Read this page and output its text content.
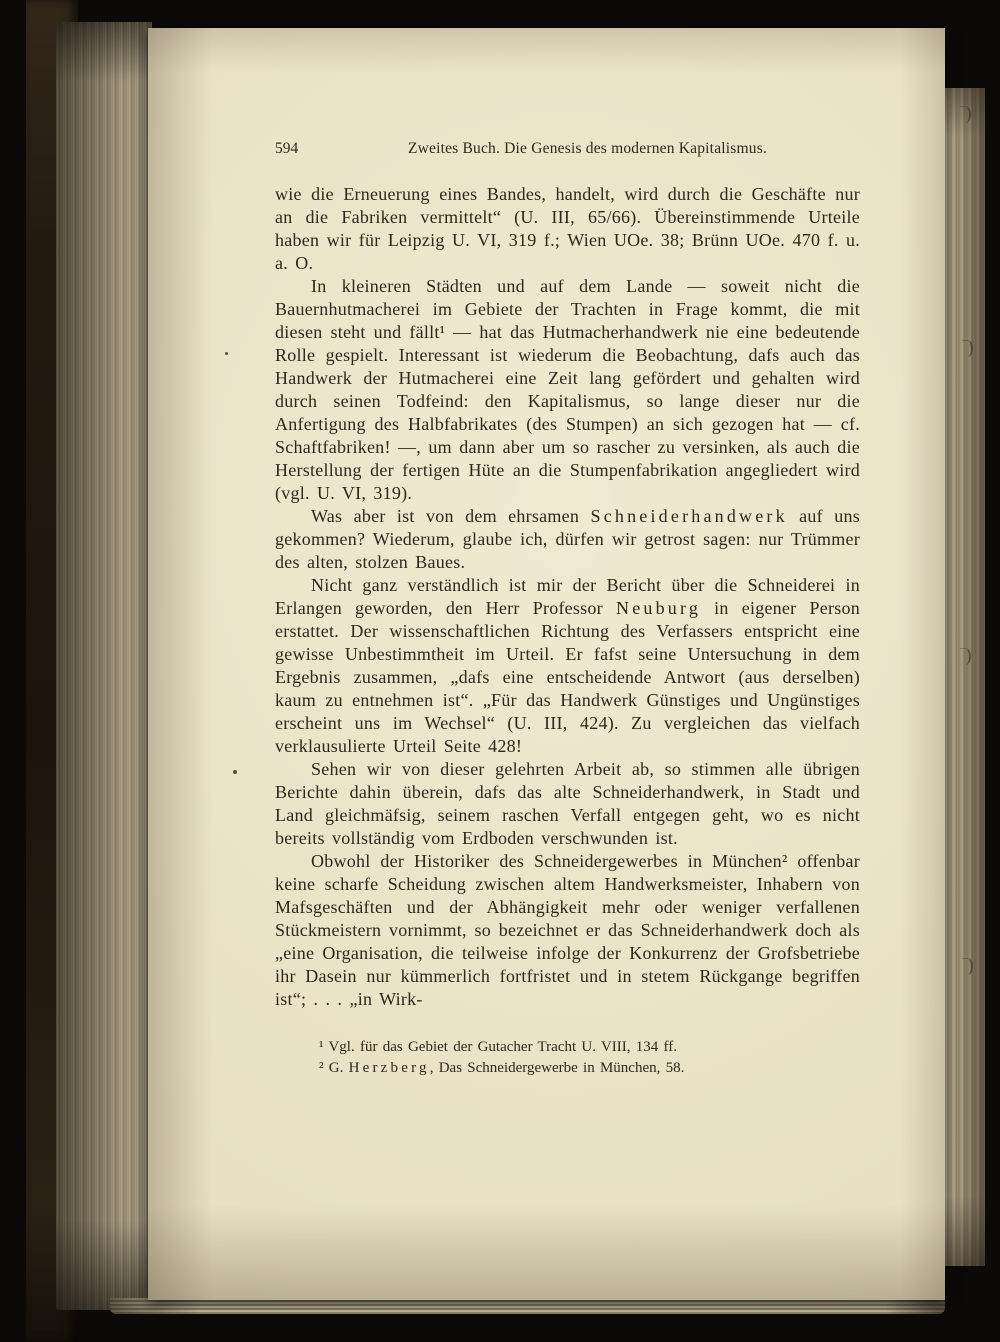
594	Zweites Buch. Die Genesis des modernen Kapitalismus.

wie die Erneuerung eines Bandes, handelt, wird durch die Geschäfte nur an die Fabriken vermittelt“ (U. III, 65/66). Übereinstimmende Urteile haben wir für Leipzig U. VI, 319 f.; Wien UOe. 38; Brünn UOe. 470 f. u. a. O.

In kleineren Städten und auf dem Lande — soweit nicht die Bauernhutmacherei im Gebiete der Trachten in Frage kommt, die mit diesen steht und fällt¹ — hat das Hutmacherhandwerk nie eine bedeutende Rolle gespielt. Interessant ist wiederum die Beobachtung, dafs auch das Handwerk der Hutmacherei eine Zeit lang gefördert und gehalten wird durch seinen Todfeind: den Kapitalismus, so lange dieser nur die Anfertigung des Halbfabrikates (des Stumpen) an sich gezogen hat — cf. Schaftfabriken! —, um dann aber um so rascher zu versinken, als auch die Herstellung der fertigen Hüte an die Stumpenfabrikation angegliedert wird (vgl. U. VI, 319).

Was aber ist von dem ehrsamen Schneiderhandwerk auf uns gekommen? Wiederum, glaube ich, dürfen wir getrost sagen: nur Trümmer des alten, stolzen Baues.

Nicht ganz verständlich ist mir der Bericht über die Schneiderei in Erlangen geworden, den Herr Professor Neuburg in eigener Person erstattet. Der wissenschaftlichen Richtung des Verfassers entspricht eine gewisse Unbestimmtheit im Urteil. Er fafst seine Untersuchung in dem Ergebnis zusammen, „dafs eine entscheidende Antwort (aus derselben) kaum zu entnehmen ist“. „Für das Handwerk Günstiges und Ungünstiges erscheint uns im Wechsel“ (U. III, 424). Zu vergleichen das vielfach verklausulierte Urteil Seite 428!

Sehen wir von dieser gelehrten Arbeit ab, so stimmen alle übrigen Berichte dahin überein, dafs das alte Schneiderhandwerk, in Stadt und Land gleichmäfsig, seinem raschen Verfall entgegen geht, wo es nicht bereits vollständig vom Erdboden verschwunden ist.

Obwohl der Historiker des Schneidergewerbes in München² offenbar keine scharfe Scheidung zwischen altem Handwerksmeister, Inhabern von Mafsgeschäften und der Abhängigkeit mehr oder weniger verfallenen Stückmeistern vornimmt, so bezeichnet er das Schneiderhandwerk doch als „eine Organisation, die teilweise infolge der Konkurrenz der Grofsbetriebe ihr Dasein nur kümmerlich fortfristet und in stetem Rückgange begriffen ist“; . . . „in Wirk-

¹ Vgl. für das Gebiet der Gutacher Tracht U. VIII, 134 ff.

² G. Herzberg, Das Schneidergewerbe in München, 58.
